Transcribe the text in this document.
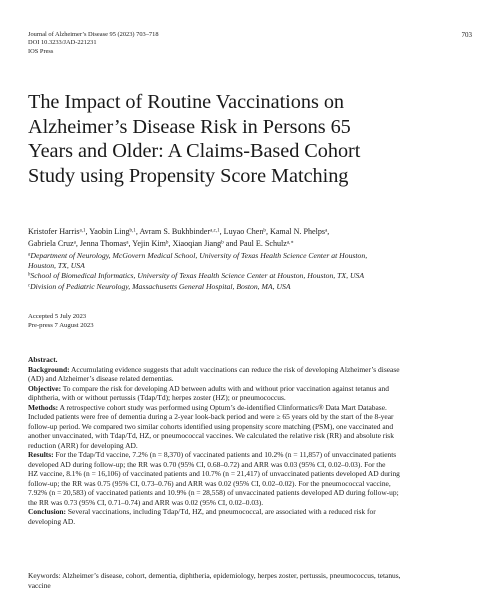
Journal of Alzheimer’s Disease 95 (2023) 703–718
DOI 10.3233/JAD-221231
IOS Press
703
The Impact of Routine Vaccinations on
Alzheimer’s Disease Risk in Persons 65
Years and Older: A Claims-Based Cohort
Study using Propensity Score Matching
Kristofer Harris$^{a,1}$, Yaobin Ling$^{b,1}$, Avram S. Bukhbinder$^{a,c,1}$, Luyao Chen$^b$, Kamal N. Phelps$^a$,
Gabriela Cruz$^a$, Jenna Thomas$^a$, Yejin Kim$^b$, Xiaoqian Jiang$^b$ and Paul E. Schulz$^{a,∗}$
$^a$Department of Neurology, McGovern Medical School, University of Texas Health Science Center at Houston,
Houston, TX, USA
$^b$School of Biomedical Informatics, University of Texas Health Science Center at Houston, Houston, TX, USA
$^c$Division of Pediatric Neurology, Massachusetts General Hospital, Boston, MA, USA
Accepted 5 July 2023
Pre-press 7 August 2023
Abstract.
Background: Accumulating evidence suggests that adult vaccinations can reduce the risk of developing Alzheimer’s disease
(AD) and Alzheimer’s disease related dementias.
Objective: To compare the risk for developing AD between adults with and without prior vaccination against tetanus and
diphtheria, with or without pertussis (Tdap/Td); herpes zoster (HZ); or pneumococcus.
Methods: A retrospective cohort study was performed using Optum’s de-identified Clinformatics® Data Mart Database.
Included patients were free of dementia during a 2-year look-back period and were ≥ 65 years old by the start of the 8-year
follow-up period. We compared two similar cohorts identified using propensity score matching (PSM), one vaccinated and
another unvaccinated, with Tdap/Td, HZ, or pneumococcal vaccines. We calculated the relative risk (RR) and absolute risk
reduction (ARR) for developing AD.
Results: For the Tdap/Td vaccine, 7.2% (n = 8,370) of vaccinated patients and 10.2% (n = 11,857) of unvaccinated patients
developed AD during follow-up; the RR was 0.70 (95% CI, 0.68–0.72) and ARR was 0.03 (95% CI, 0.02–0.03). For the
HZ vaccine, 8.1% (n = 16,106) of vaccinated patients and 10.7% (n = 21,417) of unvaccinated patients developed AD during
follow-up; the RR was 0.75 (95% CI, 0.73–0.76) and ARR was 0.02 (95% CI, 0.02–0.02). For the pneumococcal vaccine,
7.92% (n = 20,583) of vaccinated patients and 10.9% (n = 28,558) of unvaccinated patients developed AD during follow-up;
the RR was 0.73 (95% CI, 0.71–0.74) and ARR was 0.02 (95% CI, 0.02–0.03).
Conclusion: Several vaccinations, including Tdap/Td, HZ, and pneumococcal, are associated with a reduced risk for
developing AD.
Keywords: Alzheimer’s disease, cohort, dementia, diphtheria, epidemiology, herpes zoster, pertussis, pneumococcus, tetanus,
vaccine
